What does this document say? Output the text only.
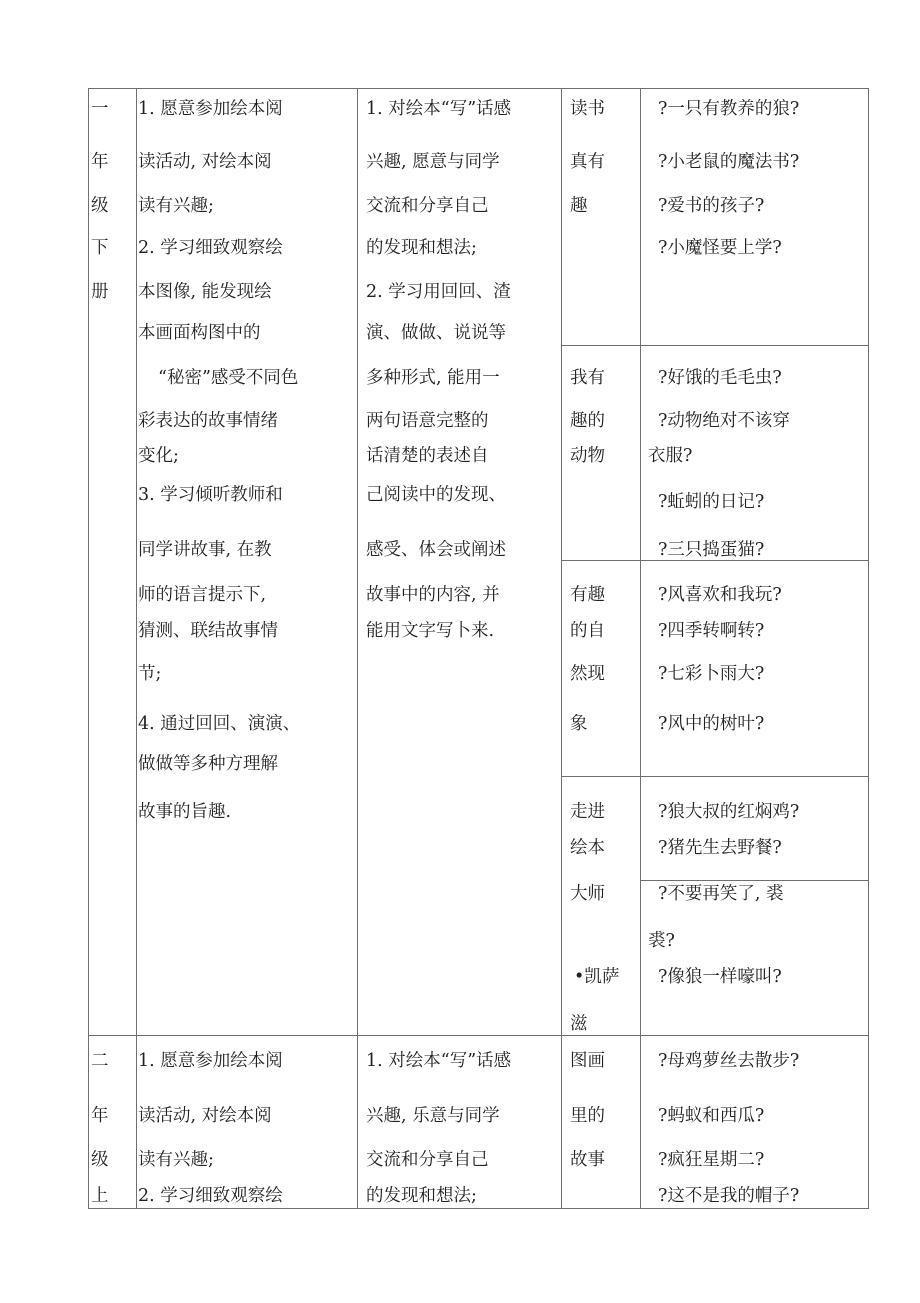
一
年
级
下
册
1. 愿意参加绘本阅
读活动, 对绘本阅
读有兴趣;
2. 学习细致观察绘
本图像, 能发现绘
本画面构图中的
“秘密”感受不同色
彩表达的故事情绪
变化;
3. 学习倾听教师和
同学讲故事, 在教
师的语言提示下,
猜测、联结故事情
节;
4. 通过回回、演演、
做做等多种方理解
故事的旨趣.
1. 对绘本“写”话感
兴趣, 愿意与同学
交流和分享自己
的发现和想法;
2. 学习用回回、渣
演、做做、说说等
多种形式, 能用一
两句语意完整的
话清楚的表述自
己阅读中的发现、
感受、体会或阐述
故事中的内容, 并
能用文字写卜来.
读书
真有
趣
?一只有教养的狼?
?小老鼠的魔法书?
?爱书的孩子?
?小魔怪要上学?
我有
趣的
动物
?好饿的毛毛虫?
?动物绝对不该穿
衣服?
?蚯蚓的日记?
?三只捣蛋猫?
有趣
的自
然现
象
?风喜欢和我玩?
?四季转啊转?
?七彩卜雨大?
?风中的树叶?
走进
绘本
大师
•凯萨
滋
?狼大叔的红焖鸡?
?猪先生去野餐?
?不要再笑了, 裘
裘?
?像狼一样嚎叫?
二
年
级
上
1. 愿意参加绘本阅
读活动, 对绘本阅
读有兴趣;
2. 学习细致观察绘
1. 对绘本“写”话感
兴趣, 乐意与同学
交流和分享自己
的发现和想法;
图画
里的
故事
?母鸡萝丝去散步?
?蚂蚁和西瓜?
?疯狂星期二?
?这不是我的帽子?
